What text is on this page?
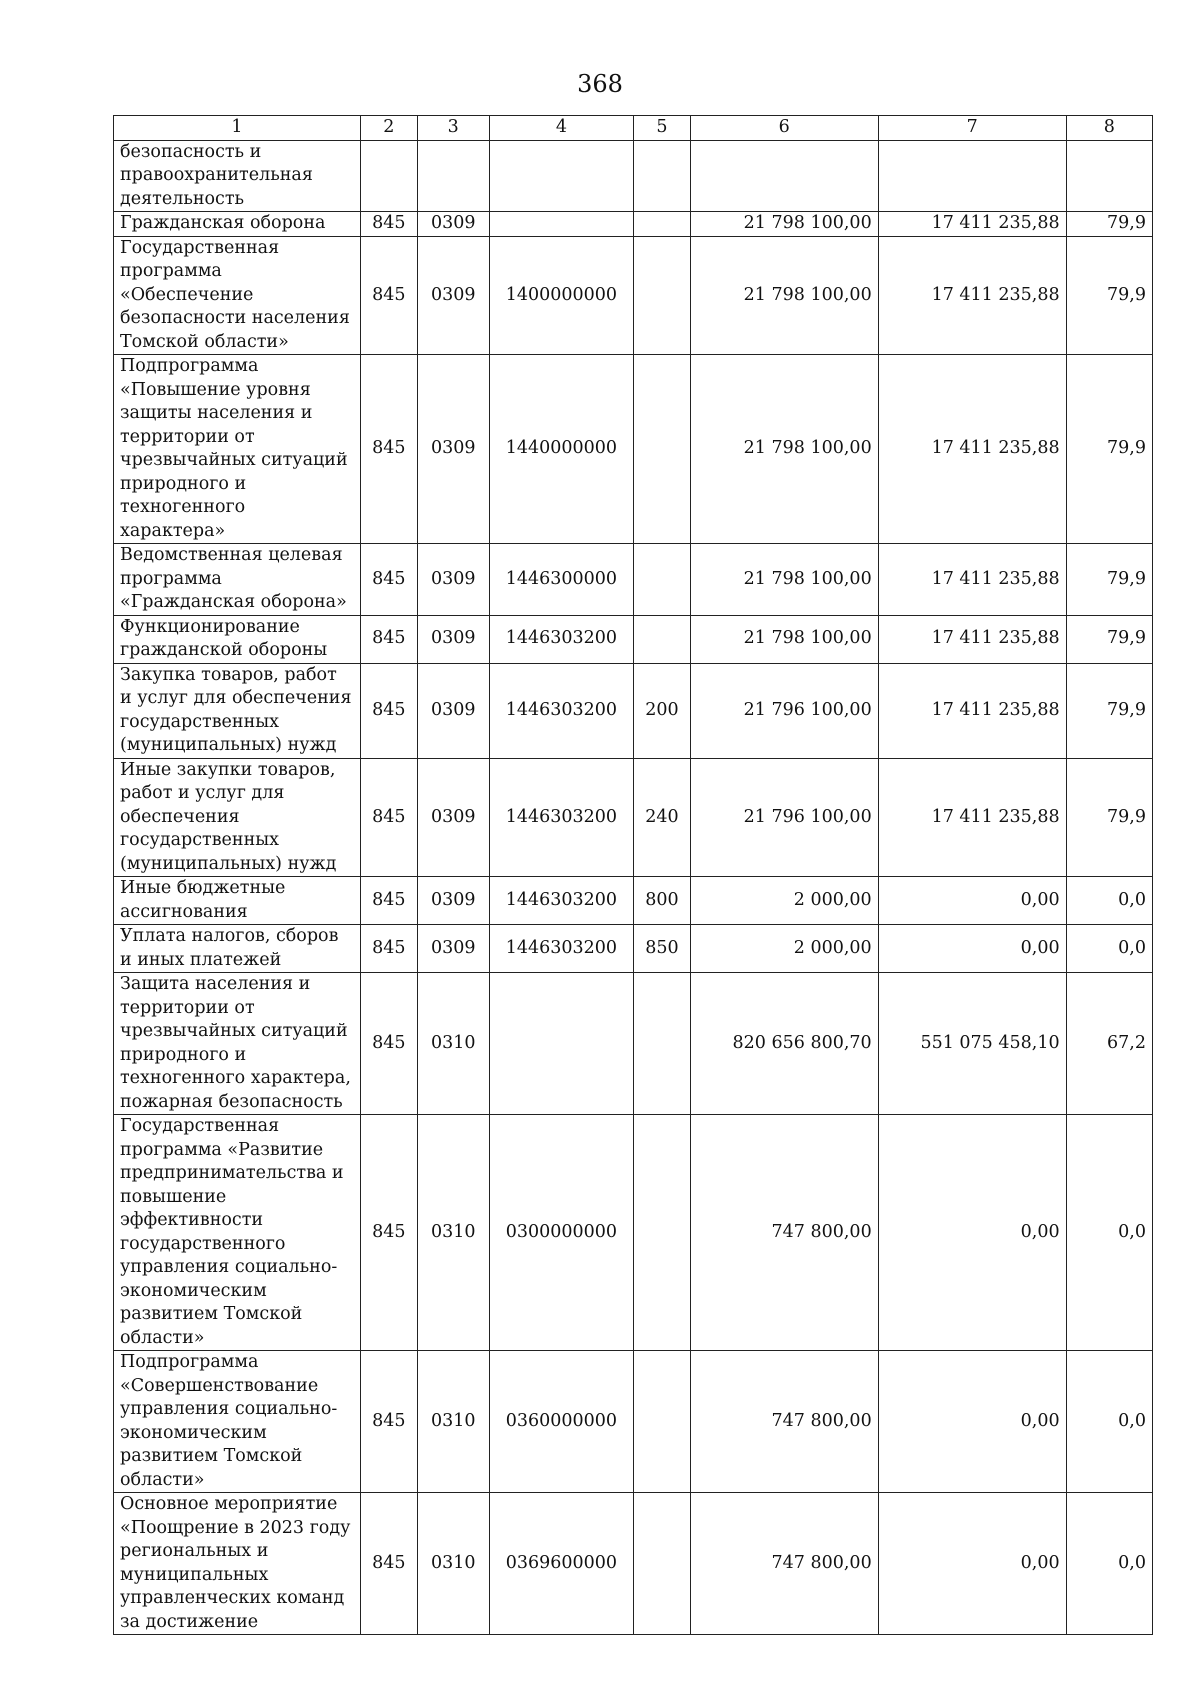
368
1	2	3	4	5	6	7	8
безопасность и правоохранительная деятельность							
Гражданская оборона	845	0309			21 798 100,00	17 411 235,88	79,9
Государственная программа «Обеспечение безопасности населения Томской области»	845	0309	1400000000		21 798 100,00	17 411 235,88	79,9
Подпрограмма «Повышение уровня защиты населения и территории от чрезвычайных ситуаций природного и техногенного характера»	845	0309	1440000000		21 798 100,00	17 411 235,88	79,9
Ведомственная целевая программа «Гражданская оборона»	845	0309	1446300000		21 798 100,00	17 411 235,88	79,9
Функционирование гражданской обороны	845	0309	1446303200		21 798 100,00	17 411 235,88	79,9
Закупка товаров, работ и услуг для обеспечения государственных (муниципальных) нужд	845	0309	1446303200	200	21 796 100,00	17 411 235,88	79,9
Иные закупки товаров, работ и услуг для обеспечения государственных (муниципальных) нужд	845	0309	1446303200	240	21 796 100,00	17 411 235,88	79,9
Иные бюджетные ассигнования	845	0309	1446303200	800	2 000,00	0,00	0,0
Уплата налогов, сборов и иных платежей	845	0309	1446303200	850	2 000,00	0,00	0,0
Защита населения и территории от чрезвычайных ситуаций природного и техногенного характера, пожарная безопасность	845	0310			820 656 800,70	551 075 458,10	67,2
Государственная программа «Развитие предпринимательства и повышение эффективности государственного управления социально-экономическим развитием Томской области»	845	0310	0300000000		747 800,00	0,00	0,0
Подпрограмма «Совершенствование управления социально-экономическим развитием Томской области»	845	0310	0360000000		747 800,00	0,00	0,0
Основное мероприятие «Поощрение в 2023 году региональных и муниципальных управленческих команд за достижение	845	0310	0369600000		747 800,00	0,00	0,0
